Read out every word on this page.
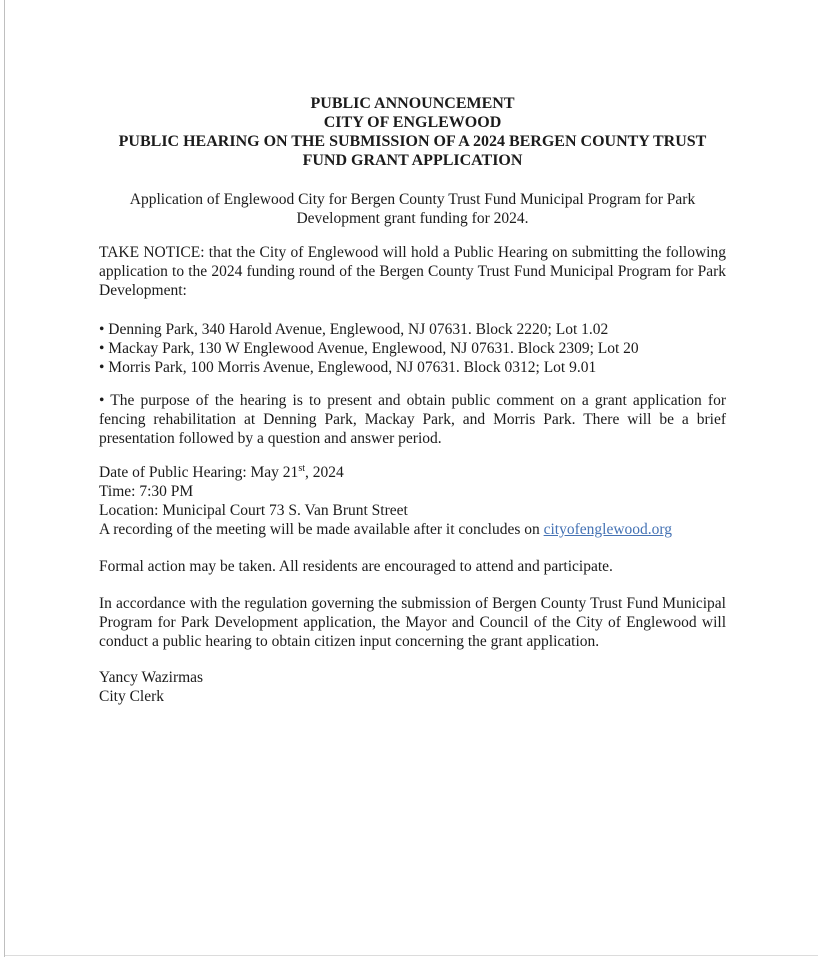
PUBLIC ANNOUNCEMENT
CITY OF ENGLEWOOD
PUBLIC HEARING ON THE SUBMISSION OF A 2024 BERGEN COUNTY TRUST
FUND GRANT APPLICATION
Application of Englewood City for Bergen County Trust Fund Municipal Program for Park Development grant funding for 2024.
TAKE NOTICE: that the City of Englewood will hold a Public Hearing on submitting the following application to the 2024 funding round of the Bergen County Trust Fund Municipal Program for Park Development:
• Denning Park, 340 Harold Avenue, Englewood, NJ 07631. Block 2220; Lot 1.02
• Mackay Park, 130 W Englewood Avenue, Englewood, NJ 07631. Block 2309; Lot 20
• Morris Park, 100 Morris Avenue, Englewood, NJ 07631. Block 0312; Lot 9.01
• The purpose of the hearing is to present and obtain public comment on a grant application for fencing rehabilitation at Denning Park, Mackay Park, and Morris Park. There will be a brief presentation followed by a question and answer period.
Date of Public Hearing: May 21st, 2024
Time: 7:30 PM
Location: Municipal Court 73 S. Van Brunt Street
A recording of the meeting will be made available after it concludes on cityofenglewood.org
Formal action may be taken. All residents are encouraged to attend and participate.
In accordance with the regulation governing the submission of Bergen County Trust Fund Municipal Program for Park Development application, the Mayor and Council of the City of Englewood will conduct a public hearing to obtain citizen input concerning the grant application.
Yancy Wazirmas
City Clerk
